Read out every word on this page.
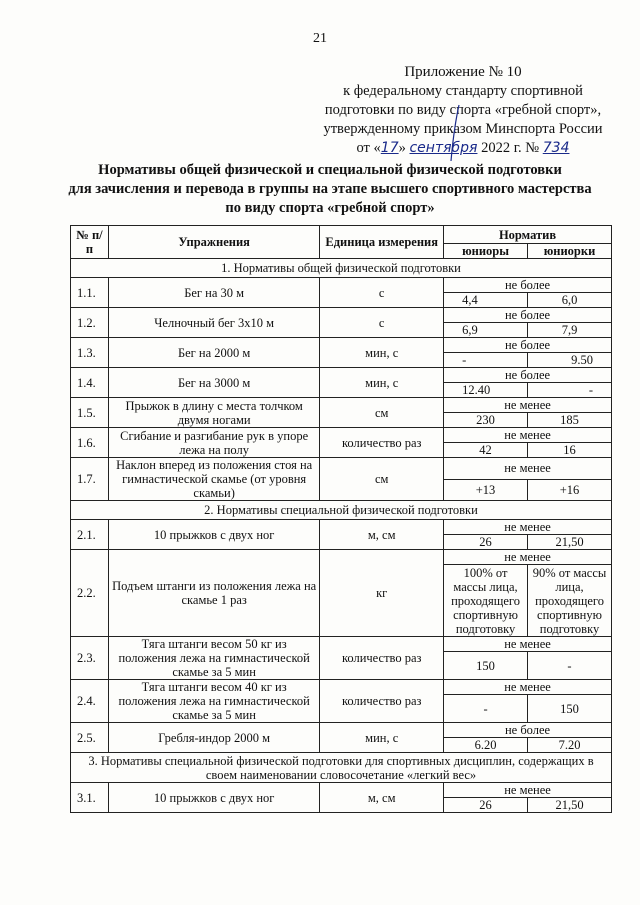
21
Приложение № 10
к федеральному стандарту спортивной
подготовки по виду спорта «гребной спорт»,
утвержденному приказом Минспорта России
от «17» сентября 2022 г. № 734
Нормативы общей физической и специальной физической подготовки
для зачисления и перевода в группы на этапе высшего спортивного мастерства
по виду спорта «гребной спорт»
№ п/п	Упражнения	Единица измерения	Норматив	
			юниоры	юниорки
1. Нормативы общей физической подготовки				
1.1.	Бег на 30 м	с	не более	
			4,4	6,0
1.2.	Челночный бег 3х10 м	с	не более	
			6,9	7,9
1.3.	Бег на 2000 м	мин, с	не более	
			-	9.50
1.4.	Бег на 3000 м	мин, с	не более	
			12.40	-
1.5.	Прыжок в длину с места толчком двумя ногами	см	не менее	
			230	185
1.6.	Сгибание и разгибание рук в упоре лежа на полу	количество раз	не менее	
			42	16
1.7.	Наклон вперед из положения стоя на гимнастической скамье (от уровня скамьи)	см	не менее	
			+13	+16
2. Нормативы специальной физической подготовки				
2.1.	10 прыжков с двух ног	м, см	не менее	
			26	21,50
2.2.	Подъем штанги из положения лежа на скамье 1 раз	кг	не менее	
			100% от массы лица, проходящего спортивную подготовку	90% от массы лица, проходящего спортивную подготовку
2.3.	Тяга штанги весом 50 кг из положения лежа на гимнастической скамье за 5 мин	количество раз	не менее	
			150	-
2.4.	Тяга штанги весом 40 кг из положения лежа на гимнастической скамье за 5 мин	количество раз	не менее	
			-	150
2.5.	Гребля-индор 2000 м	мин, с	не более	
			6.20	7.20
3. Нормативы специальной физической подготовки для спортивных дисциплин, содержащих в своем наименовании словосочетание «легкий вес»				
3.1.	10 прыжков с двух ног	м, см	не менее	
			26	21,50
